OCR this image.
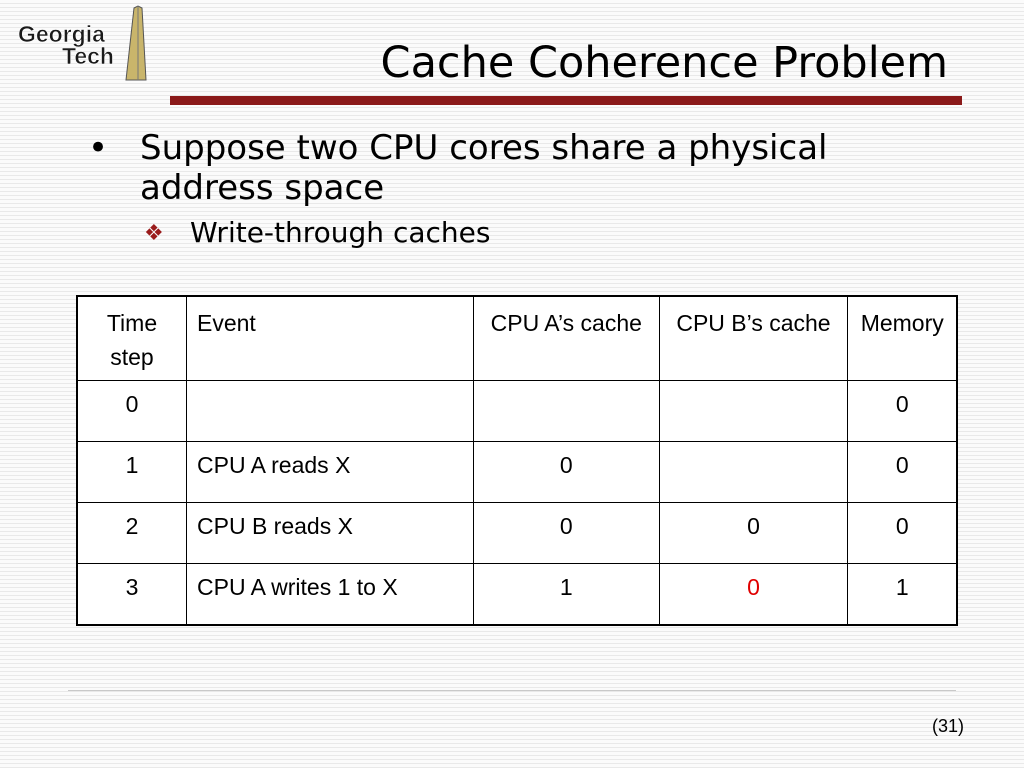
Georgia
Tech	Cache Coherence Problem
• Suppose two CPU cores share a physical address space
❖ Write-through caches
Time step	Event	CPU A’s cache	CPU B’s cache	Memory
0				0
1	CPU A reads X	0		0
2	CPU B reads X	0	0	0
3	CPU A writes 1 to X	1	0	1
(31)
